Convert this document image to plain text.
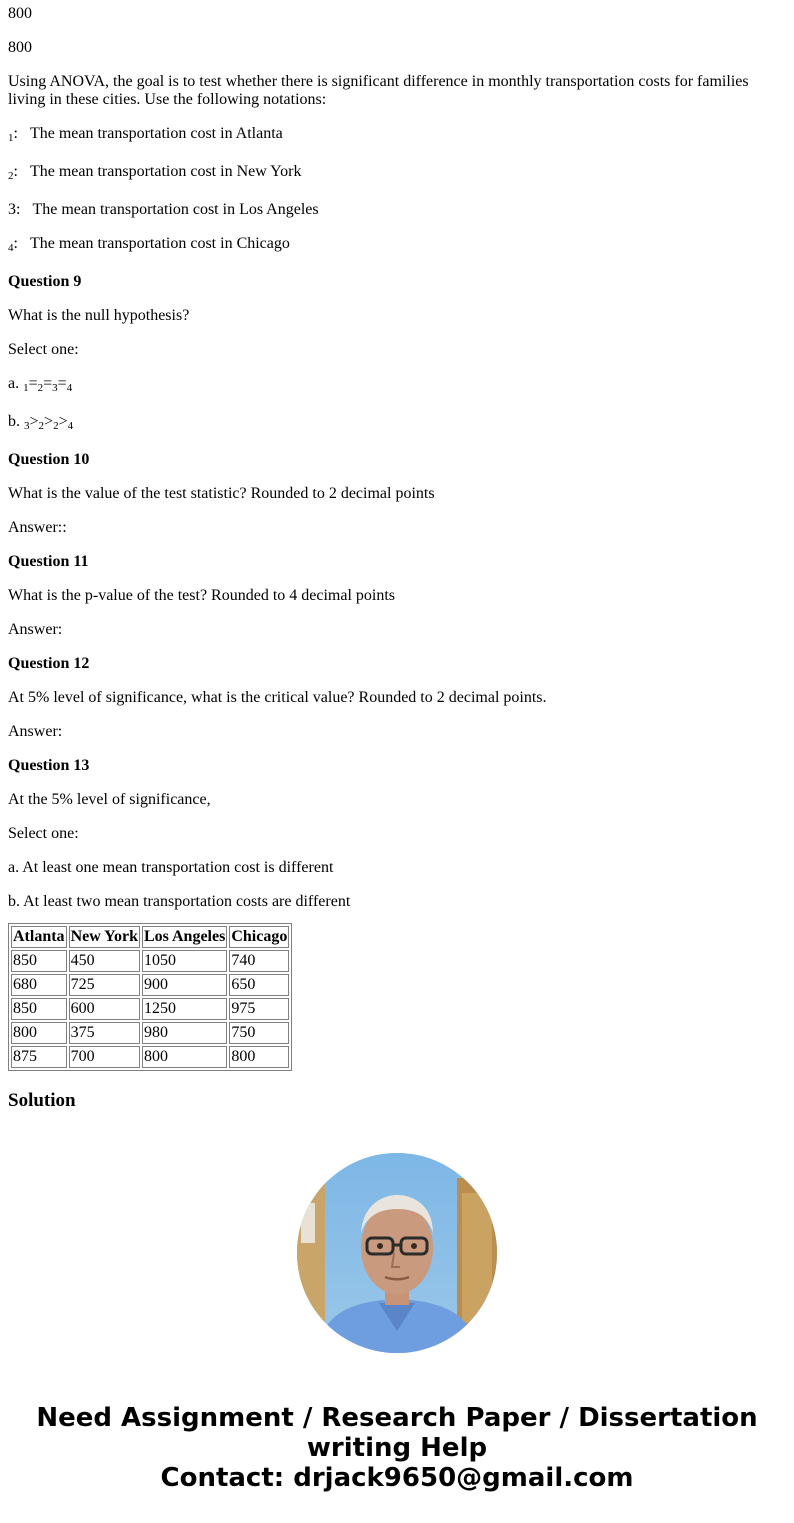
800

800

Using ANOVA, the goal is to test whether there is significant difference in monthly transportation costs for families living in these cities. Use the following notations:

$_1$: The mean transportation cost in Atlanta

$_2$: The mean transportation cost in New York

3: The mean transportation cost in Los Angeles

$_4$: The mean transportation cost in Chicago

Question 9

What is the null hypothesis?

Select one:

a. $_1=_2=_3=_4$

b. $_3>_2>_2>_4$

Question 10

What is the value of the test statistic? Rounded to 2 decimal points

Answer::

Question 11

What is the p-value of the test? Rounded to 4 decimal points

Answer:

Question 12

At 5% level of significance, what is the critical value? Rounded to 2 decimal points.

Answer:

Question 13

At the 5% level of significance,

Select one:

a. At least one mean transportation cost is different

b. At least two mean transportation costs are different

Atlanta	New York	Los Angeles	Chicago
850	450	1050	740
680	725	900	650
850	600	1250	975
800	375	980	750
875	700	800	800
Solution
Need Assignment / Research Paper / Dissertation
writing Help
Contact: drjack9650@gmail.com
